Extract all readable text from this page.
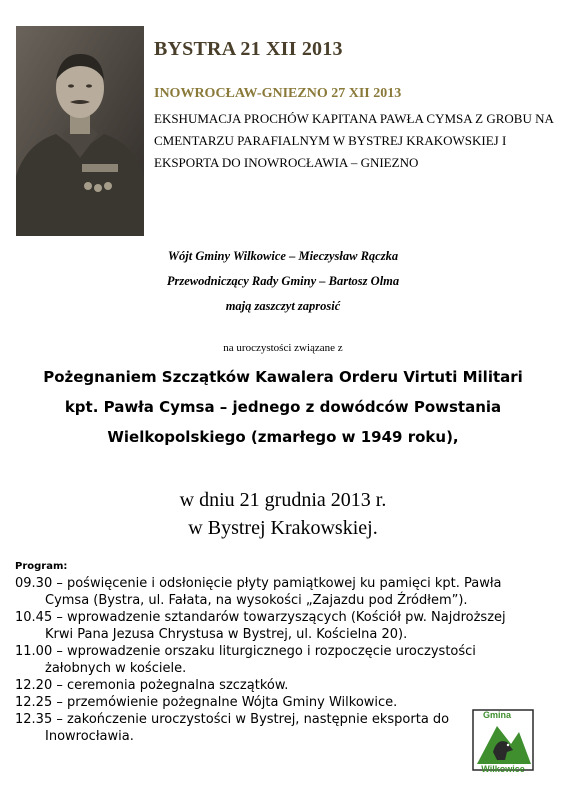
BYSTRA 21 XII 2013
INOWROCŁAW-GNIEZNO 27 XII 2013
EKSHUMACJA PROCHÓW KAPITANA PAWŁA CYMSA Z GROBU NA CMENTARZU PARAFIALNYM W BYSTREJ KRAKOWSKIEJ I EKSPORTA DO INOWROCŁAWIA – GNIEZNO
Wójt Gminy Wilkowice – Mieczysław Rączka
Przewodniczący Rady Gminy – Bartosz Olma
mają zaszczyt zaprosić
na uroczystości związane z
Pożegnaniem Szczątków Kawalera Orderu Virtuti Militari
kpt. Pawła Cymsa – jednego z dowódców Powstania
Wielkopolskiego (zmarłego w 1949 roku),
w dniu 21 grudnia 2013 r.
w Bystrej Krakowskiej.
Program:
09.30 – poświęcenie i odsłonięcie płyty pamiątkowej ku pamięci kpt. Pawła Cymsa (Bystra, ul. Fałata, na wysokości „Zajazdu pod Źródłem”).
10.45 – wprowadzenie sztandarów towarzyszących (Kościół pw. Najdroższej Krwi Pana Jezusa Chrystusa w Bystrej, ul. Kościelna 20).
11.00 – wprowadzenie orszaku liturgicznego i rozpoczęcie uroczystości żałobnych w kościele.
12.20 – ceremonia pożegnalna szczątków.
12.25 – przemówienie pożegnalne Wójta Gminy Wilkowice.
12.35 – zakończenie uroczystości w Bystrej, następnie eksporta do Inowrocławia.
Gmina
Wilkowice
